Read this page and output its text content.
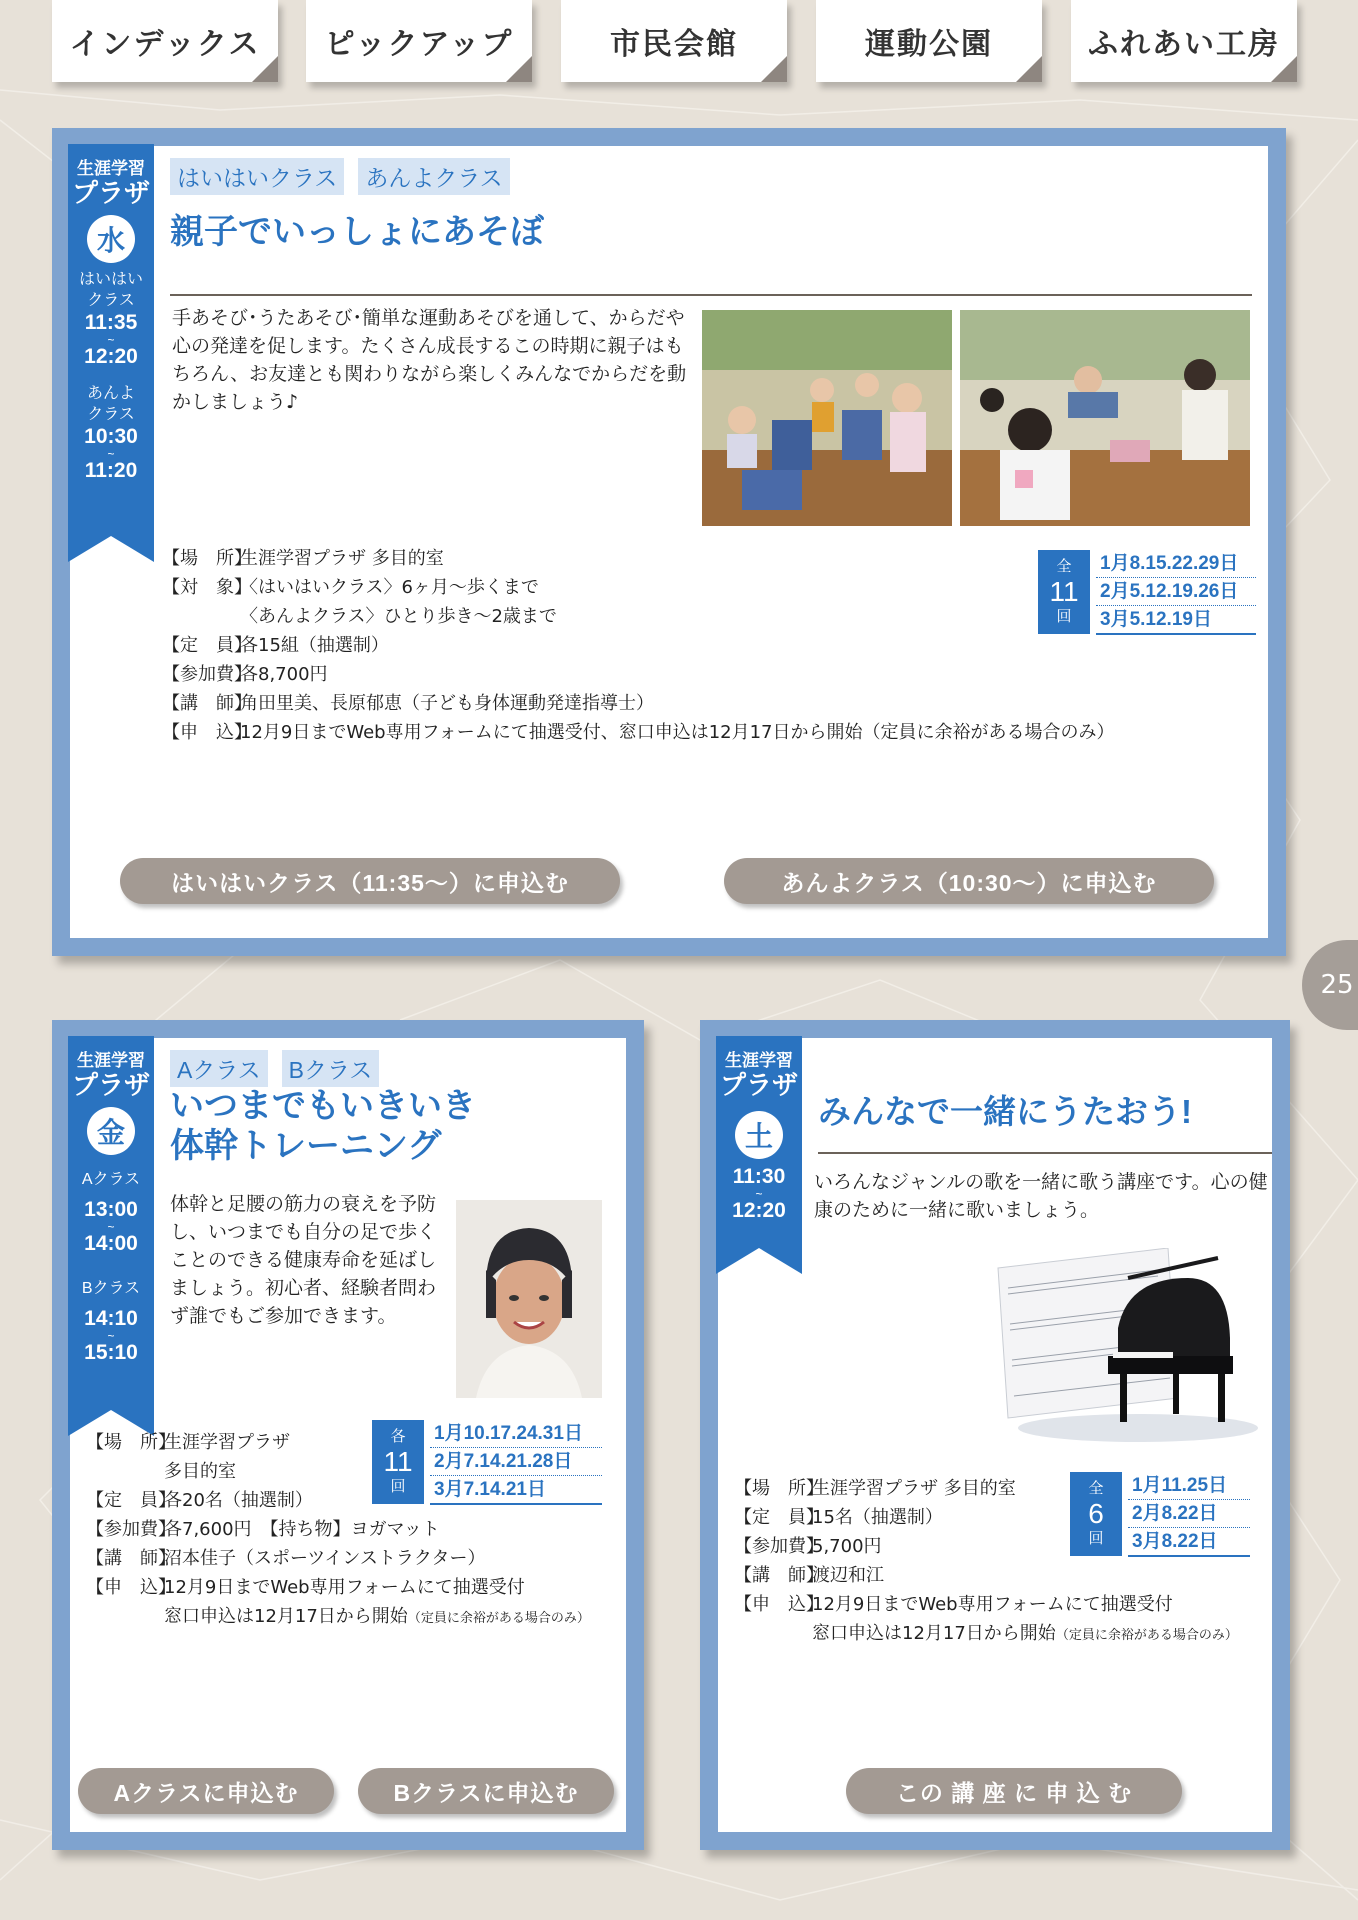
インデックス ピックアップ	市民会館	運動公園	ふれあい工房
25
生涯学習
プラザ
水
はいはい
クラス
11:35
~
12:20
あんよ
クラス
10:30
~
11:20
はいはいクラス あんよクラス
親子でいっしょにあそぼ
手あそび･うたあそび･簡単な運動あそびを通して、からだや心の発達を促します。たくさん成長するこの時期に親子はもちろん、お友達とも関わりながら楽しくみんなでからだを動かしましょう♪
【場　所】生涯学習プラザ 多目的室
【対　象】〈はいはいクラス〉6ヶ月～歩くまで
〈あんよクラス〉ひとり歩き～2歳まで
【定　員】各15組（抽選制）
【参加費】各8,700円
【講　師】角田里美、長原郁恵（子ども身体運動発達指導士）
【申　込】12月9日までWeb専用フォームにて抽選受付、窓口申込は12月17日から開始（定員に余裕がある場合のみ）
全
11
回
1月8.15.22.29日
2月5.12.19.26日
3月5.12.19日
はいはいクラス（11:35～）に申込む	あんよクラス（10:30～）に申込む
生涯学習
プラザ
金
Aクラス
13:00
~
14:00
Bクラス
14:10
~
15:10
Aクラス Bクラス
いつまでもいきいき
体幹トレーニング
体幹と足腰の筋力の衰えを予防し、いつまでも自分の足で歩くことのできる健康寿命を延ばしましょう。初心者、経験者問わず誰でもご参加できます。
【場　所】生涯学習プラザ
多目的室
【定　員】各20名（抽選制）
【参加費】各7,600円　【持ち物】ヨガマット
【講　師】沼本佳子（スポーツインストラクター）
【申　込】12月9日までWeb専用フォームにて抽選受付
窓口申込は12月17日から開始（定員に余裕がある場合のみ）
各
11
回
1月10.17.24.31日
2月7.14.21.28日
3月7.14.21日
Aクラスに申込む	Bクラスに申込む
生涯学習
プラザ
土
11:30
~
12:20
みんなで一緒にうたおう!
いろんなジャンルの歌を一緒に歌う講座です。心の健康のために一緒に歌いましょう。
【場　所】生涯学習プラザ 多目的室
【定　員】15名（抽選制）
【参加費】5,700円
【講　師】渡辺和江
【申　込】12月9日までWeb専用フォームにて抽選受付
窓口申込は12月17日から開始（定員に余裕がある場合のみ）
全
6
回
1月11.25日
2月8.22日
3月8.22日
この 講 座 に 申 込 む
